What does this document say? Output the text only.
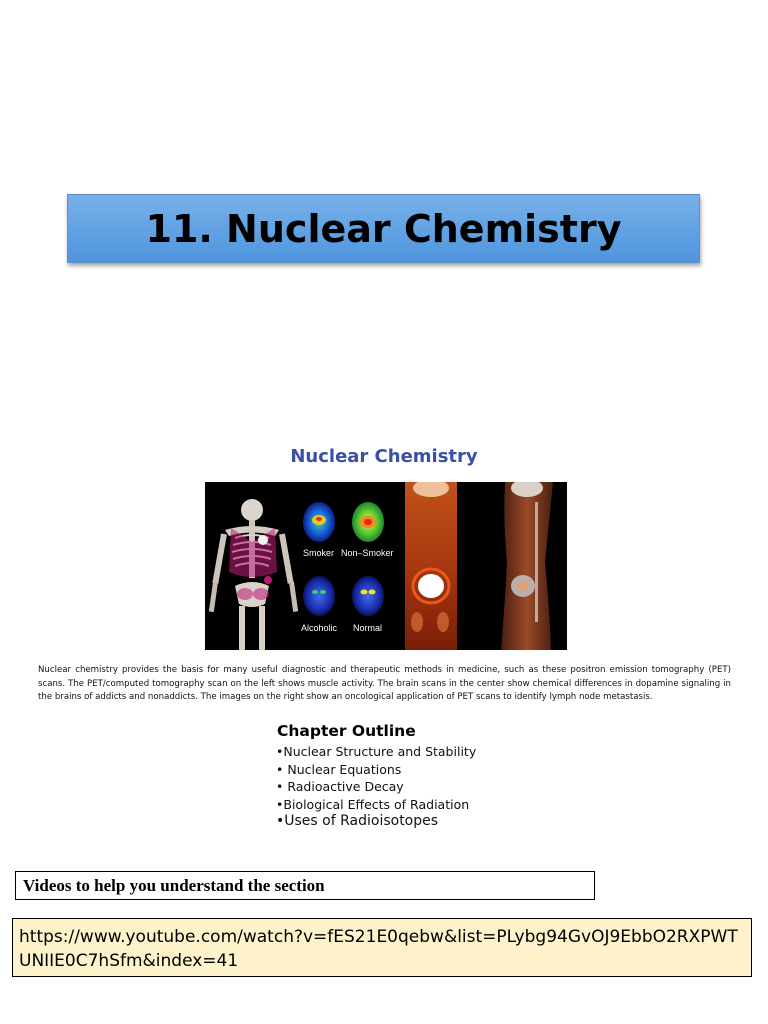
11. Nuclear Chemistry
Nuclear Chemistry
Smoker Non–Smoker
Alcoholic Normal

Nuclear chemistry provides the basis for many useful diagnostic and therapeutic methods in medicine, such as these positron emission tomography (PET) scans. The PET/computed tomography scan on the left shows muscle activity. The brain scans in the center show chemical differences in dopamine signaling in the brains of addicts and nonaddicts. The images on the right show an oncological application of PET scans to identify lymph node metastasis.

Chapter Outline
•Nuclear Structure and Stability
• Nuclear Equations
• Radioactive Decay
•Biological Effects of Radiation
•Uses of Radioisotopes
Videos to help you understand the section
https://www.youtube.com/watch?v=fES21E0qebw&list=PLybg94GvOJ9EbbO2RXPWTUNIIE0C7hSfm&index=41
